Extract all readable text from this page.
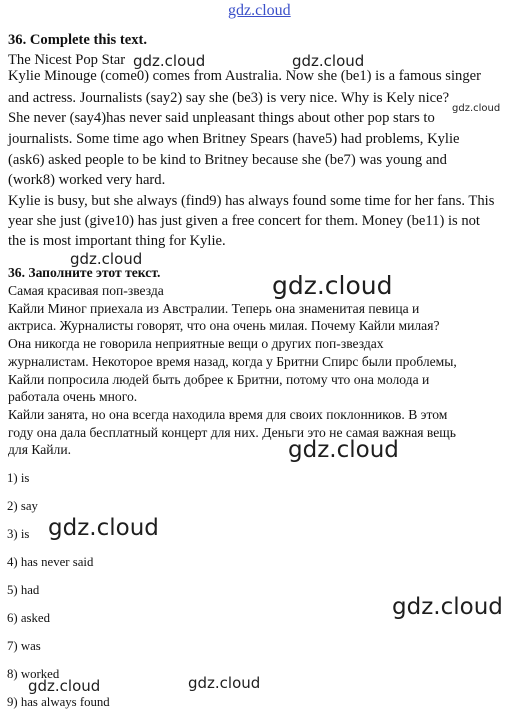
gdz.cloud
36. Complete this text.
The Nicest Pop Star
Kylie Minouge (come0) comes from Australia. Now she (be1) is a famous singer
and actress. Journalists (say2) say she (be3) is very nice. Why is Kely nice?
She never (say4)has never said unpleasant things about other pop stars to
journalists. Some time ago when Britney Spears (have5) had problems, Kylie
(ask6) asked people to be kind to Britney because she (be7) was young and
(work8) worked very hard.
Kylie is busy, but she always (find9) has always found some time for her fans. This
year she just (give10) has just given a free concert for them. Money (be11) is not
the is most important thing for Kylie.
36. Заполните этот текст.
Самая красивая поп-звезда
Кайли Миног приехала из Австралии. Теперь она знаменитая певица и
актриса. Журналисты говорят, что она очень милая. Почему Кайли милая?
Она никогда не говорила неприятные вещи о других поп-звездах
журналистам. Некоторое время назад, когда у Бритни Спирс были проблемы,
Кайли попросила людей быть добрее к Бритни, потому что она молода и
работала очень много.
Кайли занята, но она всегда находила время для своих поклонников. В этом
году она дала бесплатный концерт для них. Деньги это не самая важная вещь
для Кайли.
1) is
2) say
3) is
4) has never said
5) had
6) asked
7) was
8) worked
9) has always found
gdz.cloud	gdz.cloud
gdz.cloud
gdz.cloud
gdz.cloud
gdz.cloud
gdz.cloud
gdz.cloud
gdz.cloud	gdz.cloud
